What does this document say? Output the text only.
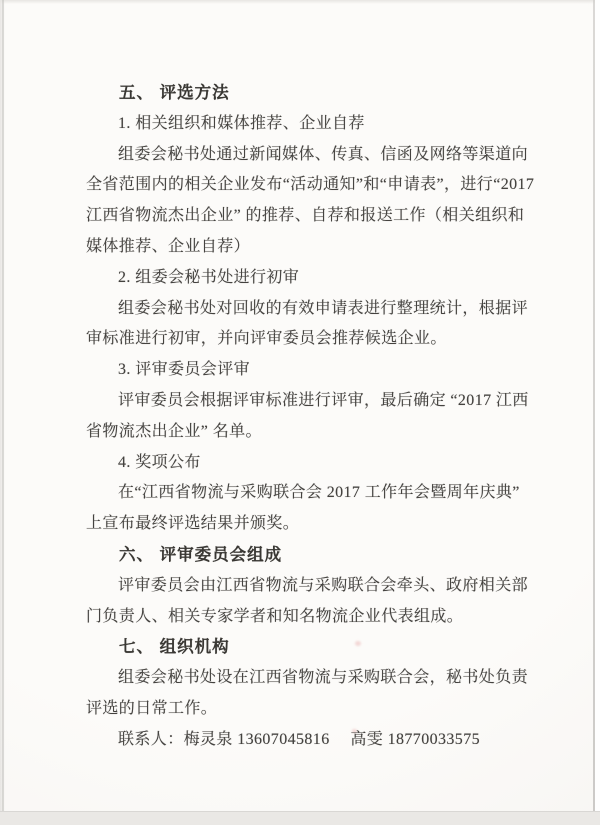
五、 评选方法
1. 相关组织和媒体推荐、企业自荐
组委会秘书处通过新闻媒体、传真、信函及网络等渠道向
全省范围内的相关企业发布“活动通知”和“申请表”，进行“2017
江西省物流杰出企业” 的推荐、自荐和报送工作（相关组织和
媒体推荐、企业自荐）
2. 组委会秘书处进行初审
组委会秘书处对回收的有效申请表进行整理统计，根据评
审标准进行初审，并向评审委员会推荐候选企业。
3. 评审委员会评审
评审委员会根据评审标准进行评审，最后确定 “2017 江西
省物流杰出企业” 名单。
4. 奖项公布
在“江西省物流与采购联合会 2017 工作年会暨周年庆典”
上宣布最终评选结果并颁奖。
六、 评审委员会组成
评审委员会由江西省物流与采购联合会牵头、政府相关部
门负责人、相关专家学者和知名物流企业代表组成。
七、 组织机构
组委会秘书处设在江西省物流与采购联合会，秘书处负责
评选的日常工作。
联系人：梅灵泉 13607045816　 高雯 18770033575
